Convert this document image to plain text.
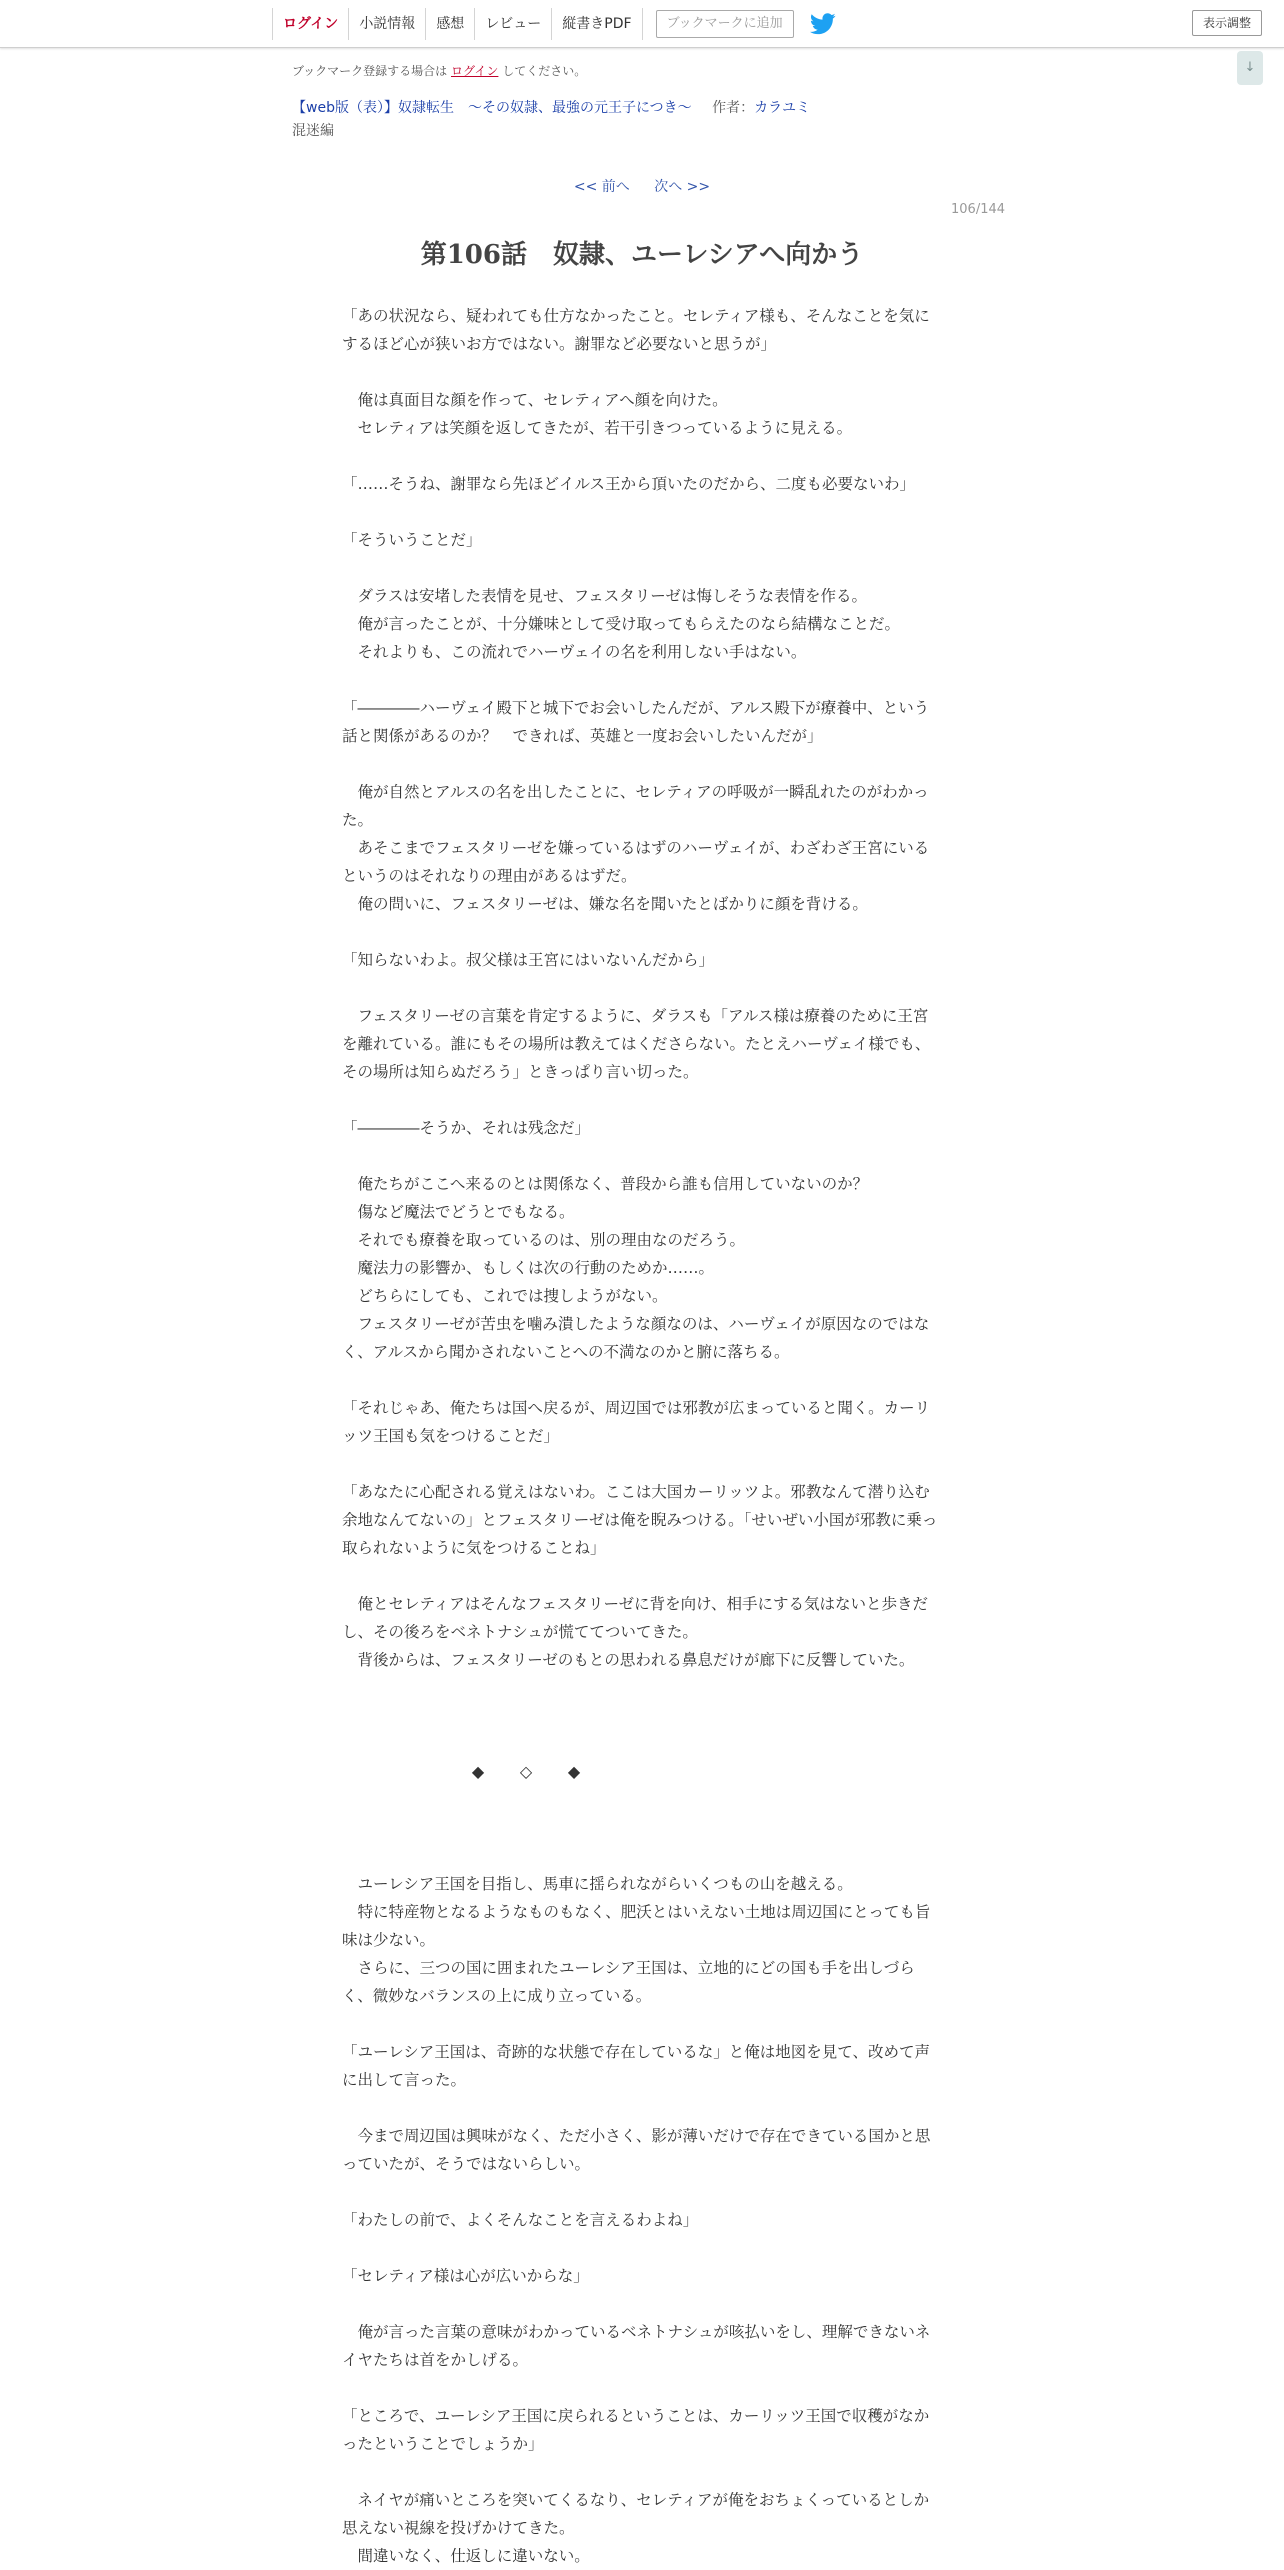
ログイン	小説情報	感想	レビュー	縦書きPDF	ブックマークに追加	表示調整
↓
ブックマーク登録する場合は ログイン してください。
【web版（表）】奴隷転生　～その奴隷、最強の元王子につき～ 作者：カラユミ
混迷編
<< 前へ 次へ >>
106/144
第106話　奴隷、ユーレシアへ向かう

「あの状況なら、疑われても仕方なかったこと。セレティア様も、そんなことを気にするほど心が狭いお方ではない。謝罪など必要ないと思うが」

　俺は真面目な顔を作って、セレティアへ顔を向けた。

　セレティアは笑顔を返してきたが、若干引きつっているように見える。

「……そうね、謝罪なら先ほどイルス王から頂いたのだから、二度も必要ないわ」

「そういうことだ」

　ダラスは安堵した表情を見せ、フェスタリーゼは悔しそうな表情を作る。

　俺が言ったことが、十分嫌味として受け取ってもらえたのなら結構なことだ。

　それよりも、この流れでハーヴェイの名を利用しない手はない。

「――――ハーヴェイ殿下と城下でお会いしたんだが、アルス殿下が療養中、という話と関係があるのか？　できれば、英雄と一度お会いしたいんだが」

　俺が自然とアルスの名を出したことに、セレティアの呼吸が一瞬乱れたのがわかった。

　あそこまでフェスタリーゼを嫌っているはずのハーヴェイが、わざわざ王宮にいるというのはそれなりの理由があるはずだ。

　俺の問いに、フェスタリーゼは、嫌な名を聞いたとばかりに顔を背ける。

「知らないわよ。叔父様は王宮にはいないんだから」

　フェスタリーゼの言葉を肯定するように、ダラスも「アルス様は療養のために王宮を離れている。誰にもその場所は教えてはくださらない。たとえハーヴェイ様でも、その場所は知らぬだろう」ときっぱり言い切った。

「――――そうか、それは残念だ」

　俺たちがここへ来るのとは関係なく、普段から誰も信用していないのか？

　傷など魔法でどうとでもなる。

　それでも療養を取っているのは、別の理由なのだろう。

　魔法力の影響か、もしくは次の行動のためか……。

　どちらにしても、これでは捜しようがない。

　フェスタリーゼが苦虫を噛み潰したような顔なのは、ハーヴェイが原因なのではなく、アルスから聞かされないことへの不満なのかと腑に落ちる。

「それじゃあ、俺たちは国へ戻るが、周辺国では邪教が広まっていると聞く。カーリッツ王国も気をつけることだ」

「あなたに心配される覚えはないわ。ここは大国カーリッツよ。邪教なんて潜り込む余地なんてないの」とフェスタリーゼは俺を睨みつける。「せいぜい小国が邪教に乗っ取られないように気をつけることね」

　俺とセレティアはそんなフェスタリーゼに背を向け、相手にする気はないと歩きだし、その後ろをベネトナシュが慌ててついてきた。

　背後からは、フェスタリーゼのもとの思われる鼻息だけが廊下に反響していた。

◆	◇	◆

　ユーレシア王国を目指し、馬車に揺られながらいくつもの山を越える。

　特に特産物となるようなものもなく、肥沃とはいえない土地は周辺国にとっても旨味は少ない。

　さらに、三つの国に囲まれたユーレシア王国は、立地的にどの国も手を出しづらく、微妙なバランスの上に成り立っている。

「ユーレシア王国は、奇跡的な状態で存在しているな」と俺は地図を見て、改めて声に出して言った。

　今まで周辺国は興味がなく、ただ小さく、影が薄いだけで存在できている国かと思っていたが、そうではないらしい。

「わたしの前で、よくそんなことを言えるわよね」

「セレティア様は心が広いからな」

　俺が言った言葉の意味がわかっているベネトナシュが咳払いをし、理解できないネイヤたちは首をかしげる。

「ところで、ユーレシア王国に戻られるということは、カーリッツ王国で収穫がなかったということでしょうか」

　ネイヤが痛いところを突いてくるなり、セレティアが俺をおちょくっているとしか思えない視線を投げかけてきた。

　間違いなく、仕返しに違いない。
